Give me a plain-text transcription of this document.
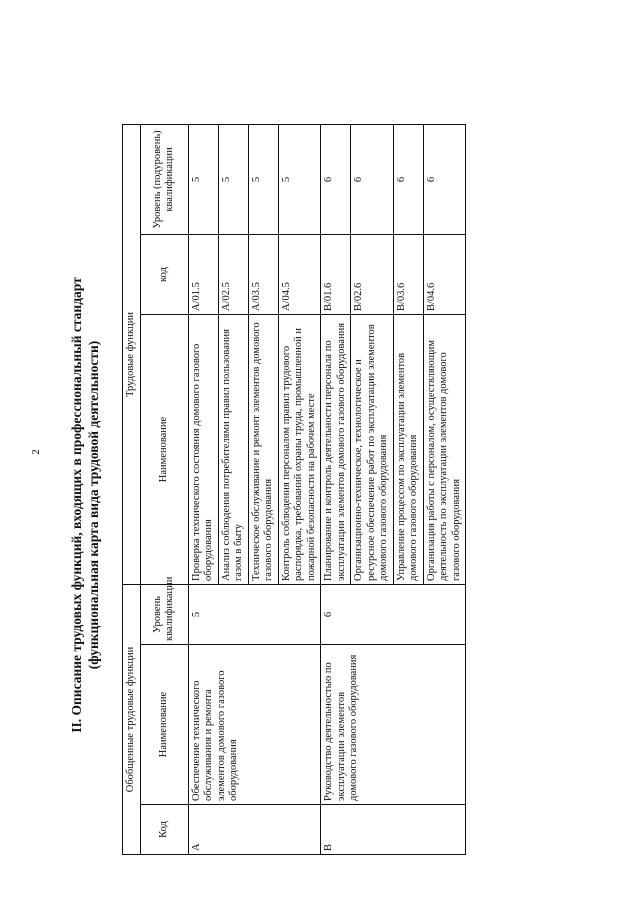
2 II. Описание трудовых функций, входящих в профессиональный стандарт (функциональная карта вида трудовой деятельности)
Обобщенные трудовые функции			Трудовые функции		
Код	Наименование	Уровень квалификации	Наименование	код	Уровень (подуровень) квалификации
А	Обеспечение технического обслуживания и ремонта элементов домового газового оборудования	5	Проверка технического состояния домового газового оборудования	A/01.5	5
			Анализ соблюдения потребителями правил пользования газом в быту	A/02.5	5
			Техническое обслуживание и ремонт элементов домового газового оборудования	A/03.5	5
			Контроль соблюдения персоналом правил трудового распорядка, требований охраны труда, промышленной и пожарной безопасности на рабочем месте	A/04.5	5
B	Руководство деятельностью по эксплуатации элементов домового газового оборудования	6	Планирование и контроль деятельности персонала по эксплуатации элементов домового газового оборудования	B/01.6	6
			Организационно-техническое, технологическое и ресурсное обеспечение работ по эксплуатации элементов домового газового оборудования	B/02.6	6
			Управление процессом по эксплуатации элементов домового газового оборудования	B/03.6	6
			Организация работы с персоналом, осуществляющим деятельность по эксплуатации элементов домового газового оборудования	B/04.6	6
